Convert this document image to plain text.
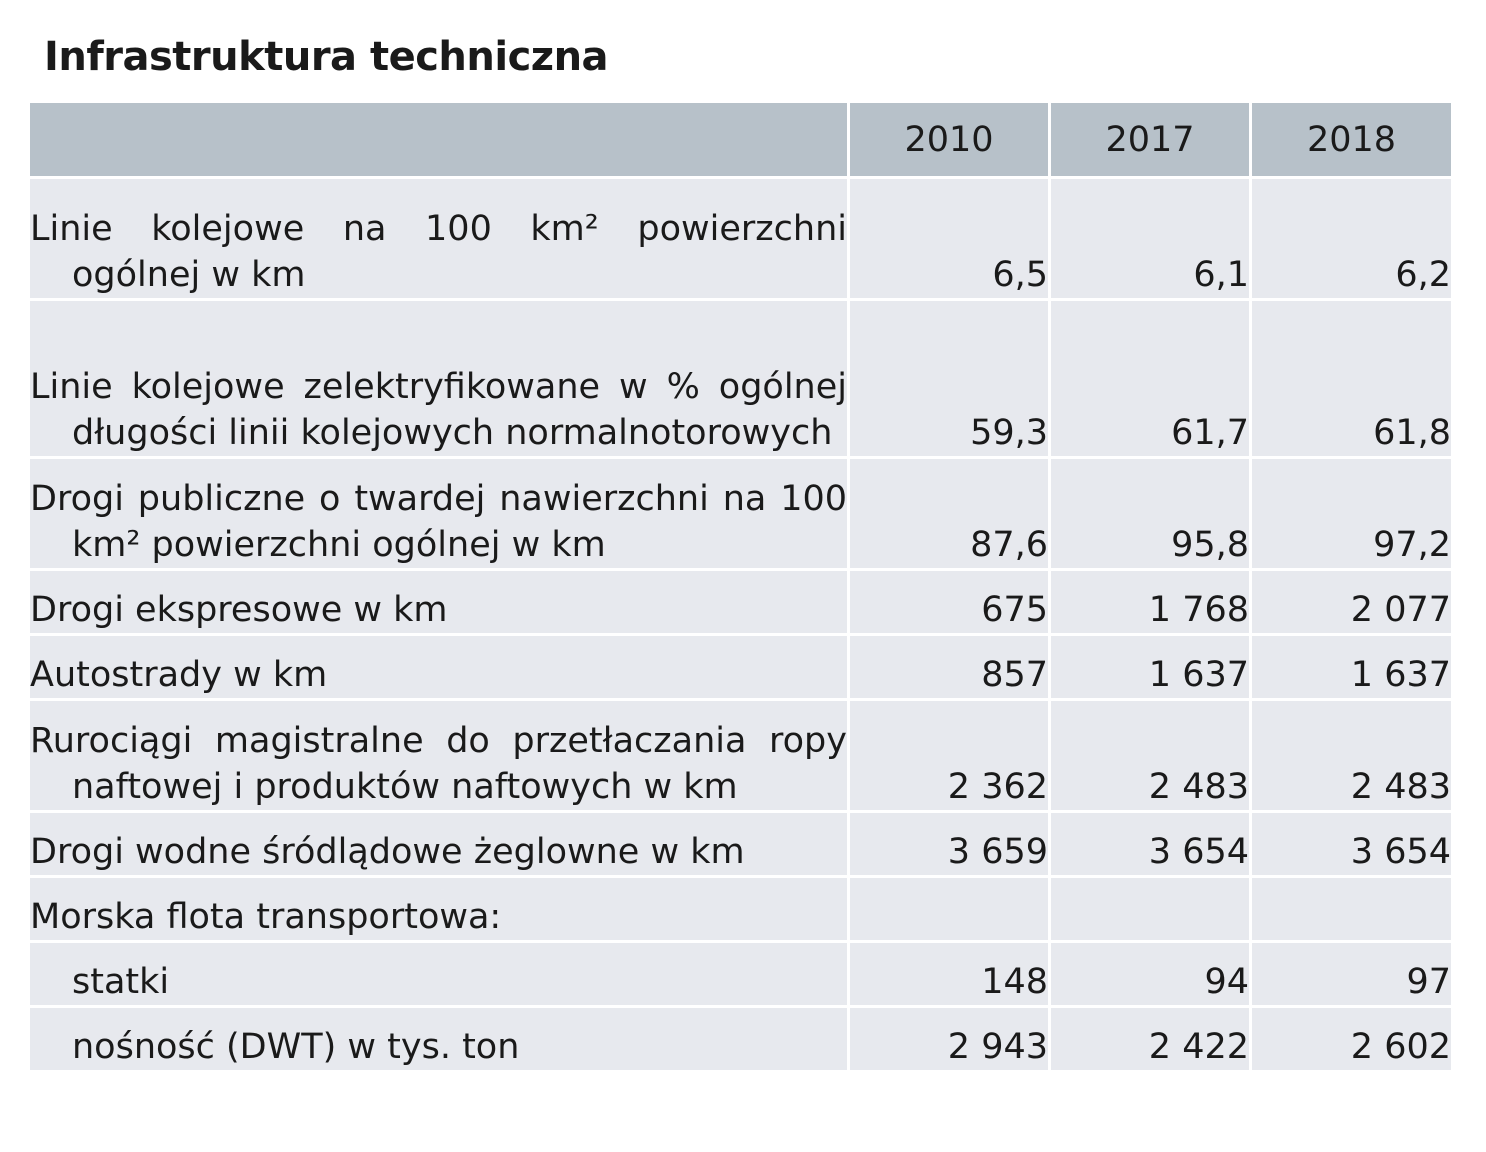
Infrastruktura techniczna
	2010	2017	2018

Linie kolejowe na 100 km² powierzchni ogólnej w km	6,5	6,1	6,2

Linie kolejowe zelektryfikowane w % ogólnej długości linii kolejowych normalnotorowych	59,3	61,7	61,8

Drogi publiczne o twardej nawierzchni na 100 km² powierzchni ogólnej w km	87,6	95,8	97,2

Drogi ekspresowe w km	675	1 768	2 077

Autostrady w km	857	1 637	1 637

Rurociągi magistralne do przetłaczania ropy naftowej i produktów naftowych w km	2 362	2 483	2 483

Drogi wodne śródlądowe żeglowne w km	3 659	3 654	3 654

Morska flota transportowa:			

statki	148	94	97

nośność (DWT) w tys. ton	2 943	2 422	2 602
